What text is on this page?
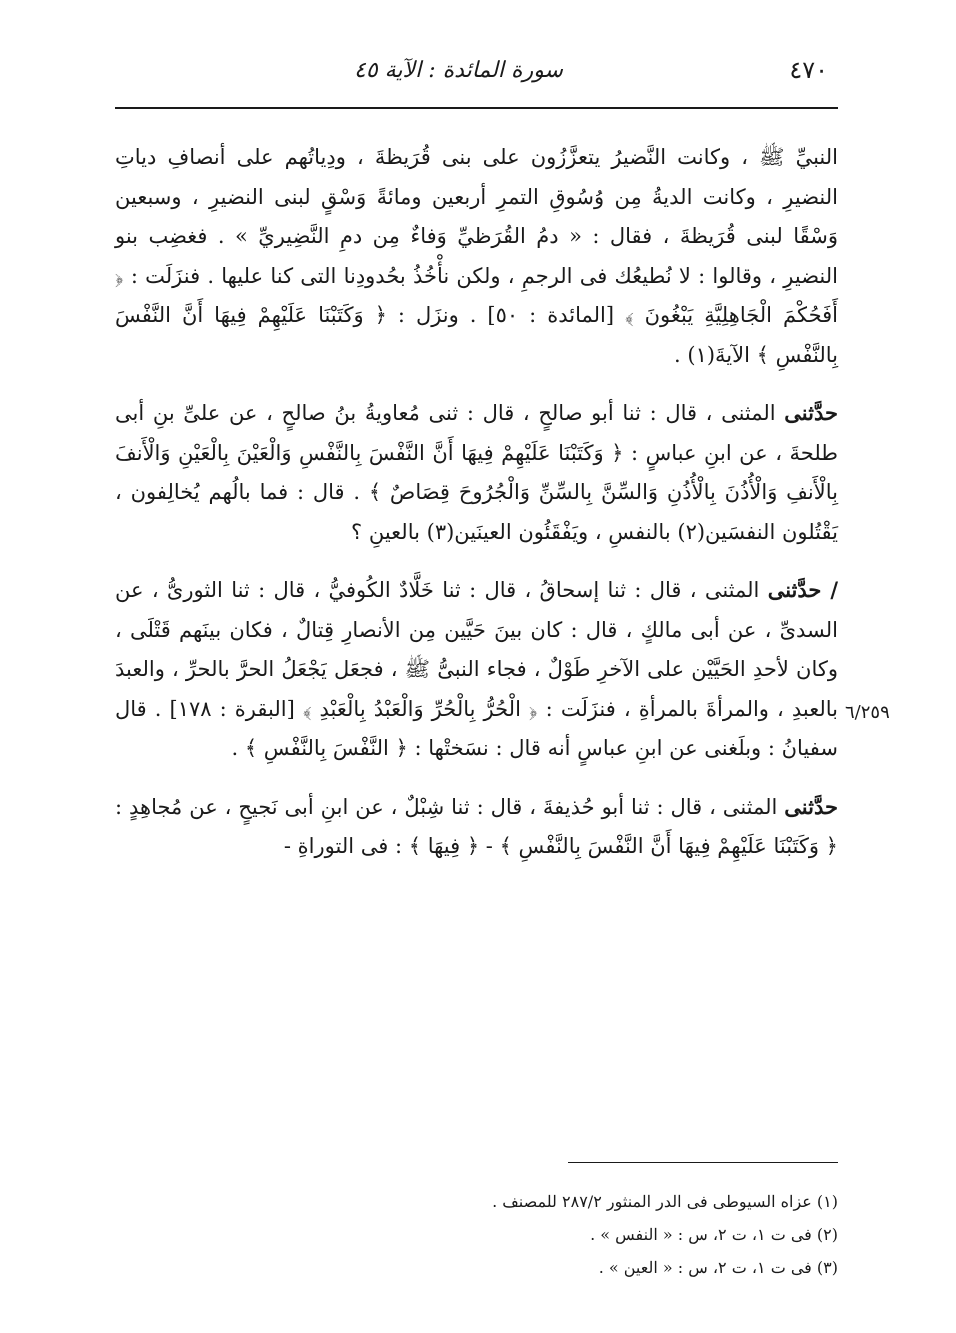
٤٧٠
سورة المائدة : الآية ٤٥
٦/٢٥٩

النبيِّ ﷺ ، وكانت النَّضيرُ يتعزَّزُون على بنى قُرَيظةَ ، ودِياتُهم على أنصافِ دياتِ النضيرِ ، وكانت الديةُ مِن وُسُوقِ التمرِ أربعين ومائةً وَسْقٍ لبنى النضيرِ ، وسبعين وَسْقًا لبنى قُرَيظةَ ، فقال : « دمُ القُرَظيِّ وَفاءٌ مِن دمِ النَّضِيريِّ » . فغضِب بنو النضيرِ ، وقالوا : لا نُطيعُك فى الرجمِ ، ولكن نأْخُذُ بحُدودِنا التى كنا عليها . فنزَلَت : ﴿ أَفَحُكْمَ الْجَاهِلِيَّةِ يَبْغُونَ ﴾ [المائدة : ٥٠] . ونزَل : ﴿ وَكَتَبْنَا عَلَيْهِمْ فِيهَا أَنَّ النَّفْسَ بِالنَّفْسِ ﴾ الآيةَ(١) .

حدَّثنى المثنى ، قال : ثنا أبو صالحٍ ، قال : ثنى مُعاويةُ بنُ صالحٍ ، عن علىِّ بنِ أبى طلحةَ ، عن ابنِ عباسٍ : ﴿ وَكَتَبْنَا عَلَيْهِمْ فِيهَا أَنَّ النَّفْسَ بِالنَّفْسِ وَالْعَيْنَ بِالْعَيْنِ وَالْأَنفَ بِالْأَنفِ وَالْأُذُنَ بِالْأُذُنِ وَالسِّنَّ بِالسِّنِّ وَالْجُرُوحَ قِصَاصٌ ﴾ . قال : فما بالُهم يُخالِفون ، يَقْتُلون النفسَين(٢) بالنفسِ ، ويَفْقَئُون العينَين(٣) بالعينِ ؟

/ حدَّثنى المثنى ، قال : ثنا إسحاقُ ، قال : ثنا خَلَّادٌ الكُوفيُّ ، قال : ثنا الثورىُّ ، عن السدىِّ ، عن أبى مالكٍ ، قال : كان بينَ حَيَّين مِن الأنصارِ قِتالٌ ، فكان بينَهم قَتْلَى ، وكان لأحدِ الحَيَّيْن على الآخرِ طَوْلٌ ، فجاء النبىُّ ﷺ ، فجعَل يَجْعَلُ الحرَّ بالحرِّ ، والعبدَ بالعبدِ ، والمرأةَ بالمرأةِ ، فنزَلَت : ﴿ الْحُرُّ بِالْحُرِّ وَالْعَبْدُ بِالْعَبْدِ ﴾ [البقرة : ١٧٨] . قال سفيانُ : وبلَغنى عن ابنِ عباسٍ أنه قال : نسَختْها : ﴿ النَّفْسَ بِالنَّفْسِ ﴾ .

حدَّثنى المثنى ، قال : ثنا أبو حُذيفةَ ، قال : ثنا شِبْلٌ ، عن ابنِ أبى نَجيحٍ ، عن مُجاهِدٍ : ﴿ وَكَتَبْنَا عَلَيْهِمْ فِيهَا أَنَّ النَّفْسَ بِالنَّفْسِ ﴾ - ﴿ فِيهَا ﴾ : فى التوراةِ -

(١) عزاه السيوطى فى الدر المنثور ٢٨٧/٢ للمصنف .

(٢) فى ت ١، ت ٢، س : « النفس » .

(٣) فى ت ١، ت ٢، س : « العين » .
